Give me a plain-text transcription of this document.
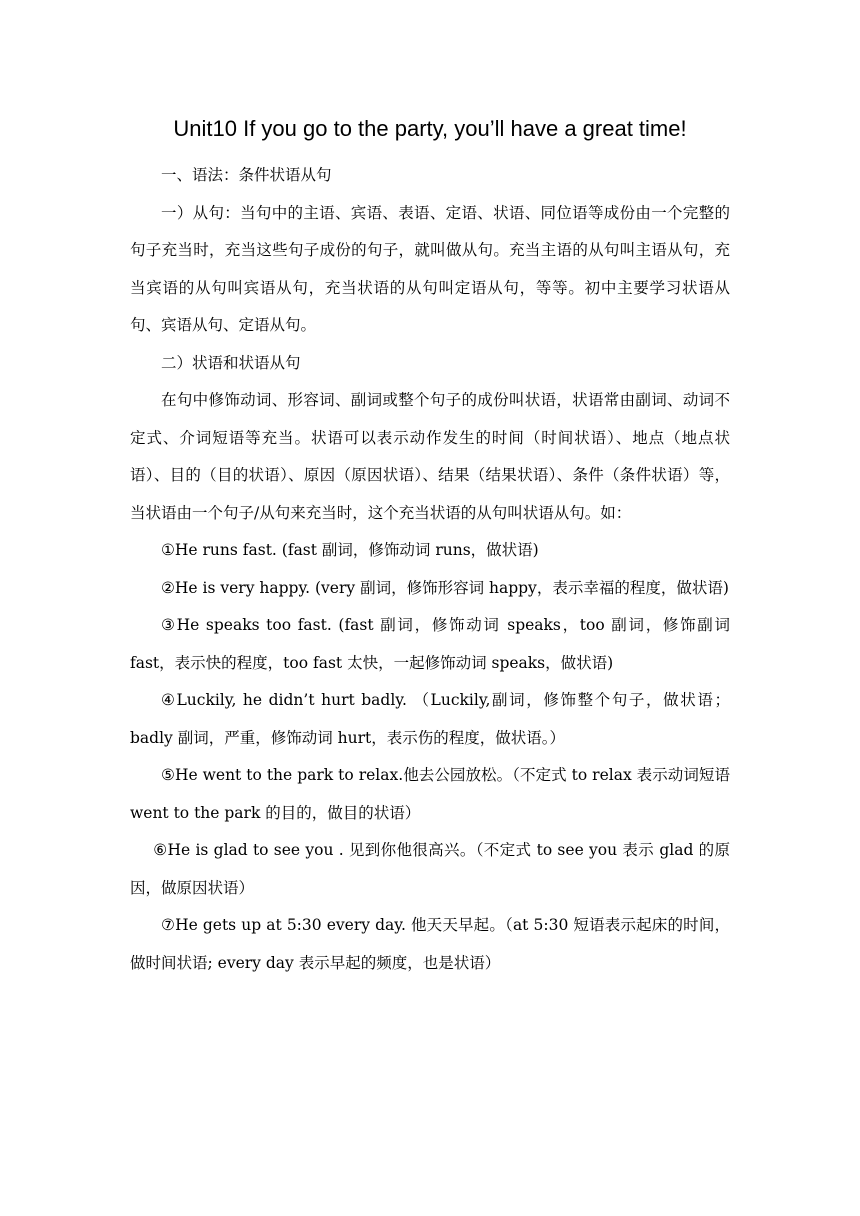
Unit10 If you go to the party, you’ll have a great time!

一、语法：条件状语从句

一）从句：当句中的主语、宾语、表语、定语、状语、同位语等成份由一个完整的句子充当时，充当这些句子成份的句子，就叫做从句。充当主语的从句叫主语从句，充当宾语的从句叫宾语从句，充当状语的从句叫定语从句，等等。初中主要学习状语从句、宾语从句、定语从句。

二）状语和状语从句

在句中修饰动词、形容词、副词或整个句子的成份叫状语，状语常由副词、动词不定式、介词短语等充当。状语可以表示动作发生的时间（时间状语）、地点（地点状语）、目的（目的状语）、原因（原因状语）、结果（结果状语）、条件（条件状语）等，当状语由一个句子/从句来充当时，这个充当状语的从句叫状语从句。如：

①He runs fast. (fast 副词，修饰动词 runs，做状语)

②He is very happy. (very 副词，修饰形容词 happy，表示幸福的程度，做状语)

③He speaks too fast. (fast 副词，修饰动词 speaks，too 副词，修饰副词 fast，表示快的程度，too fast 太快，一起修饰动词 speaks，做状语)

④Luckily, he didn’t hurt badly. （Luckily,副词，修饰整个句子，做状语；badly 副词，严重，修饰动词 hurt，表示伤的程度，做状语。）

⑤He went to the park to relax.他去公园放松。（不定式 to relax 表示动词短语 went to the park 的目的，做目的状语）

⑥He is glad to see you . 见到你他很高兴。（不定式 to see you 表示 glad 的原因，做原因状语）

⑦He gets up at 5:30 every day. 他天天早起。（at 5:30 短语表示起床的时间，做时间状语; every day 表示早起的频度，也是状语）
